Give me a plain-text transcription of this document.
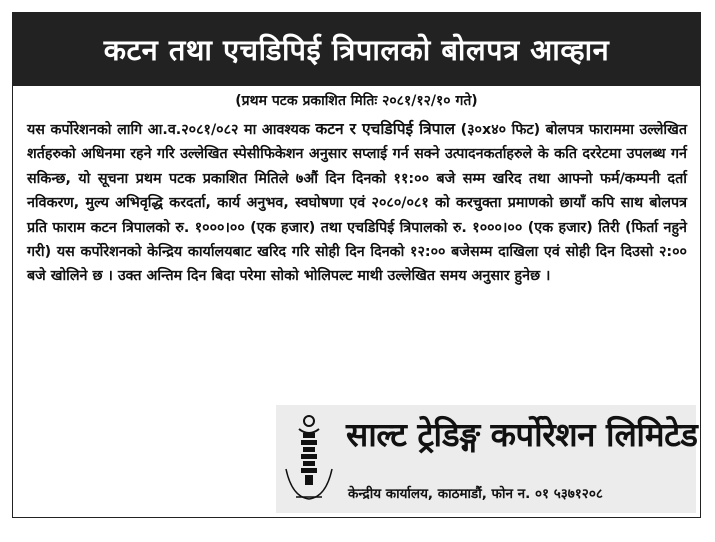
कटन तथा एचडिपिई त्रिपालको बोलपत्र आव्हान
(प्रथम पटक प्रकाशित मितिः २०८१/१२/१० गते)
यस कर्पोरेशनको लागि आ.व.२०८१/०८२ मा आवश्यक कटन र एचडिपिई त्रिपाल (३०x४० फिट) बोलपत्र फाराममा उल्लेखित शर्तहरुको अधिनमा रहने गरि उल्लेखित स्पेसीफिकेशन अनुसार सप्लाई गर्न सक्ने उत्पादनकर्ताहरुले के कति दररेटमा उपलब्ध गर्न सकिन्छ, यो सूचना प्रथम पटक प्रकाशित मितिले ७औं दिन दिनको ११:०० बजे सम्म खरिद तथा आफ्नो फर्म/कम्पनी दर्ता नविकरण, मुल्य अभिवृद्धि करदर्ता, कार्य अनुभव, स्वघोषणा एवं २०८०/०८१ को करचुक्ता प्रमाणको छायाँ कपि साथ बोलपत्र प्रति फाराम कटन त्रिपालको रु. १०००।०० (एक हजार) तथा एचडिपिई त्रिपालको रु. १०००।०० (एक हजार) तिरी (फिर्ता नहुने गरी) यस कर्पोरेशनको केन्द्रिय कार्यालयबाट खरिद गरि सोही दिन दिनको १२:०० बजेसम्म दाखिला एवं सोही दिन दिउसो २:०० बजे खोलिने छ । उक्त अन्तिम दिन बिदा परेमा सोको भोलिपल्ट माथी उल्लेखित समय अनुसार हुनेछ ।
साल्ट ट्रेडिङ्ग कर्पोरेशन लिमिटेड
केन्द्रीय कार्यालय, काठमाडौं, फोन न. ०१ ५३७१२०८
